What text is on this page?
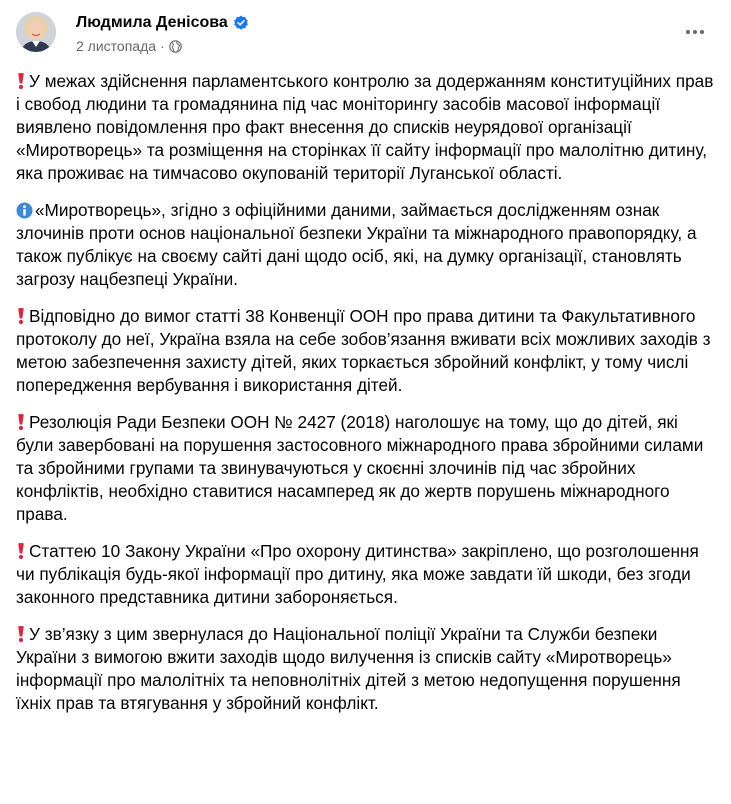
Людмила Денісова
2 листопада ·

У межах здійснення парламентського контролю за додержанням конституційних прав і свобод людини та громадянина під час моніторингу засобів масової інформації виявлено повідомлення про факт внесення до списків неурядової організації «Миротворець» та розміщення на сторінках її сайту інформації про малолітню дитину, яка проживає на тимчасово окупованій території Луганської області.

«Миротворець», згідно з офіційними даними, займається дослідженням ознак злочинів проти основ національної безпеки України та міжнародного правопорядку, а також публікує на своєму сайті дані щодо осіб, які, на думку організації, становлять загрозу нацбезпеці України.

Відповідно до вимог статті 38 Конвенції ООН про права дитини та Факультативного протоколу до неї, Україна взяла на себе зобов’язання вживати всіх можливих заходів з метою забезпечення захисту дітей, яких торкається збройний конфлікт, у тому числі попередження вербування і використання дітей.

Резолюція Ради Безпеки ООН № 2427 (2018) наголошує на тому, що до дітей, які були завербовані на порушення застосовного міжнародного права збройними силами та збройними групами та звинувачуються у скоєнні злочинів під час збройних конфліктів, необхідно ставитися насамперед як до жертв порушень міжнародного права.

Статтею 10 Закону України «Про охорону дитинства» закріплено, що розголошення чи публікація будь-якої інформації про дитину, яка може завдати їй шкоди, без згоди законного представника дитини забороняється.

У зв’язку з цим звернулася до Національної поліції України та Служби безпеки України з вимогою вжити заходів щодо вилучення із списків сайту «Миротворець» інформації про малолітніх та неповнолітніх дітей з метою недопущення порушення їхніх прав та втягування у збройний конфлікт.
